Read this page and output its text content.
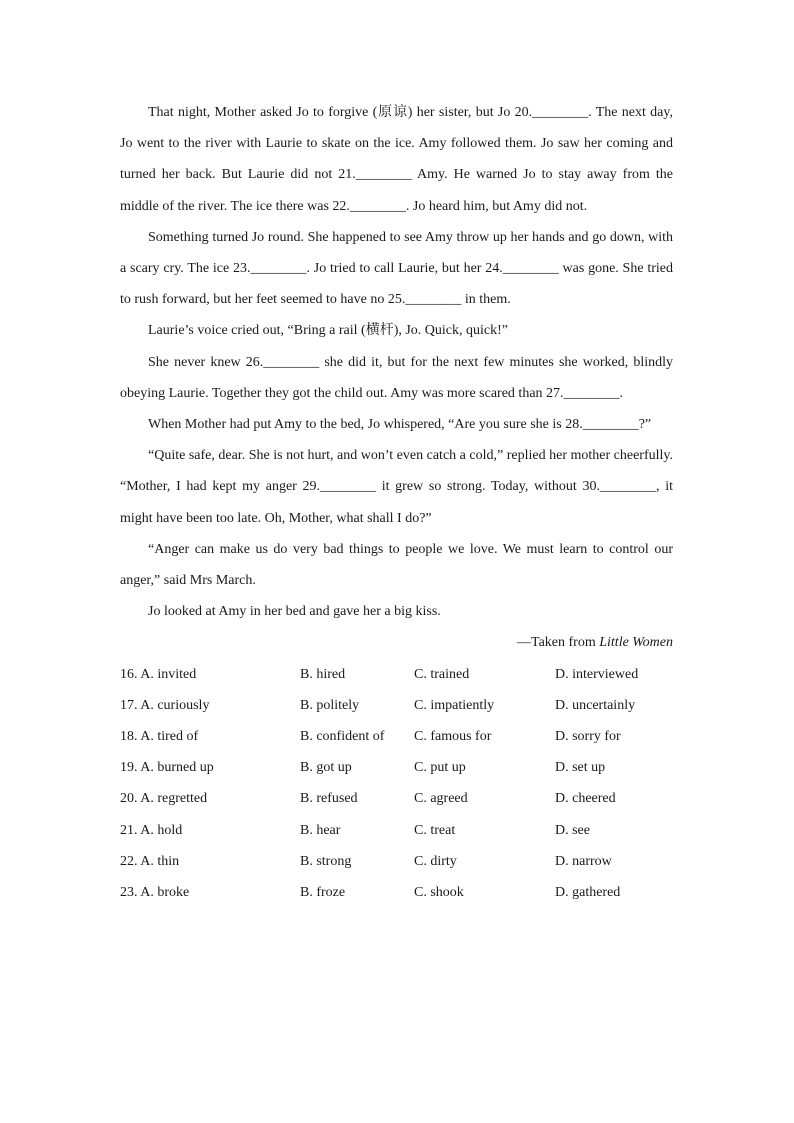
That night, Mother asked Jo to forgive (原谅) her sister, but Jo 20.________. The next day, Jo went to the river with Laurie to skate on the ice. Amy followed them. Jo saw her coming and turned her back. But Laurie did not 21.________ Amy. He warned Jo to stay away from the middle of the river. The ice there was 22.________. Jo heard him, but Amy did not.

Something turned Jo round. She happened to see Amy throw up her hands and go down, with a scary cry. The ice 23.________. Jo tried to call Laurie, but her 24.________ was gone. She tried to rush forward, but her feet seemed to have no 25.________ in them.

Laurie’s voice cried out, “Bring a rail (横杆), Jo. Quick, quick!”

She never knew 26.________ she did it, but for the next few minutes she worked, blindly obeying Laurie. Together they got the child out. Amy was more scared than 27.________.

When Mother had put Amy to the bed, Jo whispered, “Are you sure she is 28.________?”

“Quite safe, dear. She is not hurt, and won’t even catch a cold,” replied her mother cheerfully. “Mother, I had kept my anger 29.________ it grew so strong. Today, without 30.________, it might have been too late. Oh, Mother, what shall I do?”

“Anger can make us do very bad things to people we love. We must learn to control our anger,” said Mrs March.

Jo looked at Amy in her bed and gave her a big kiss.

—Taken from Little Women

16. A. invited	B. hired	C. trained	D. interviewed
17. A. curiously	B. politely	C. impatiently	D. uncertainly
18. A. tired of	B. confident of	C. famous for	D. sorry for
19. A. burned up	B. got up	C. put up	D. set up
20. A. regretted	B. refused	C. agreed	D. cheered
21. A. hold	B. hear	C. treat	D. see
22. A. thin	B. strong	C. dirty	D. narrow
23. A. broke	B. froze	C. shook	D. gathered
